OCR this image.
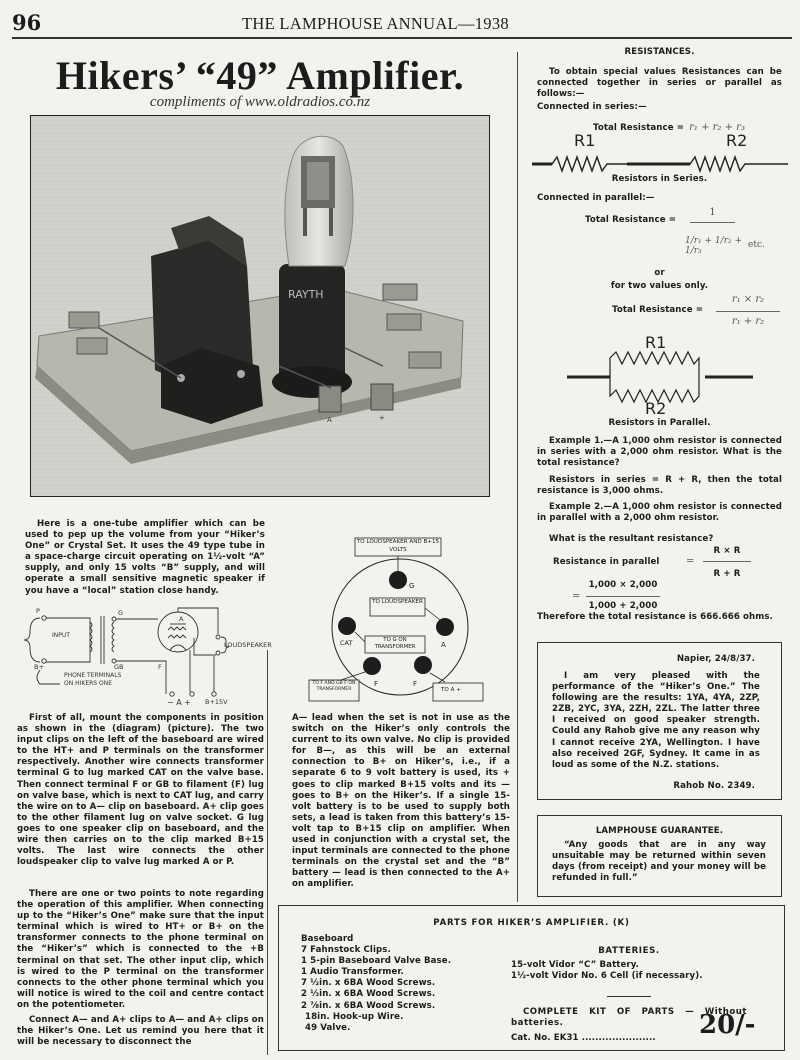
96	THE LAMPHOUSE ANNUAL—1938
Hikers’ “49” Amplifier.
compliments of www.oldradios.co.nz
RAYTH
A	+

Here is a one-tube amplifier which can be used to pep up the volume from your “Hiker’s One” or Crystal Set. It uses the 49 type tube in a space-charge circuit operating on 1½-volt “A” supply, and only 15 volts “B” supply, and will operate a small sensitive magnetic speaker if you have a “local” station close handy.

P
B+
INPUT
PHONE TERMINALS
ON HIKERS ONE
G
GB	F
A
LOUDSPEAKER
− A + B+15V

First of all, mount the components in position as shown in the (diagram) (picture). The two input clips on the left of the baseboard are wired to the HT+ and P terminals on the transformer respectively. Another wire connects transformer terminal G to lug marked CAT on the valve base. Then connect terminal F or GB to filament (F) lug on valve base, which is next to CAT lug, and carry the wire on to A— clip on baseboard. A+ clip goes to the other filament lug on valve socket. G lug goes to one speaker clip on baseboard, and the wire then carries on to the clip marked B+15 volts. The last wire connects the other loudspeaker clip to valve lug marked A or P.

There are one or two points to note regarding the operation of this amplifier. When connecting up to the “Hiker’s One” make sure that the input terminal which is wired to HT+ or B+ on the transformer connects to the phone terminal on the “Hiker’s” which is connected to the +B terminal on that set. The other input clip, which is wired to the P terminal on the transformer connects to the other phone terminal which you will notice is wired to the coil and centre contact on the potentiometer.

Connect A— and A+ clips to A— and A+ clips on the Hiker’s One. Let us remind you here that it will be necessary to disconnect the

TO LOUDSPEAKER AND B+15 VOLTS
G
TO LOUDSPEAKER
A
CAT	TO G ON TRANSFORMER
F	F
TO F AND GB F ON TRANSFORMER	TO A +

A— lead when the set is not in use as the switch on the Hiker’s only controls the current to its own valve. No clip is provided for B—, as this will be an external connection to B+ on Hiker’s, i.e., if a separate 6 to 9 volt battery is used, its + goes to clip marked B+15 volts and its — goes to B+ on the Hiker’s. If a single 15-volt battery is to be used to supply both sets, a lead is taken from this battery’s 15-volt tap to B+15 clip on amplifier. When used in conjunction with a crystal set, the input terminals are connected to the phone terminals on the crystal set and the “B” battery — lead is then connected to the A+ on amplifier.

RESISTANCES.

To obtain special values Resistances can be connected together in series or parallel as follows:—

Connected in series:—
Total Resistance = r₁ + r₂ + r₃
R1	R2
Resistors in Series.
Connected in parallel:—
Total Resistance =
1
1/r₁ + 1/r₂ + 1/r₃
etc.
or
for two values only.
Total Resistance =
r₁ × r₂
r₁ + r₂
R1
R2
Resistors in Parallel.

Example 1.—A 1,000 ohm resistor is connected in series with a 2,000 ohm resistor. What is the total resistance?

Resistors in series = R + R, then the total resistance is 3,000 ohms.

Example 2.—A 1,000 ohm resistor is connected in parallel with a 2,000 ohm resistor.

What is the resultant resistance?

Resistance in parallel	=
R × R
R + R
=
1,000 × 2,000
1,000 + 2,000

Therefore the total resistance is 666.666 ohms.

Napier, 24/8/37.

I am very pleased with the performance of the “Hiker’s One.” The following are the results: 1YA, 4YA, 2ZP, 2ZB, 2YC, 3YA, 2ZH, 2ZL. The latter three I received on good speaker strength. Could any Rahob give me any reason why I cannot receive 2YA, Wellington. I have also received 2GF, Sydney. It came in as loud as some of the N.Z. stations.

Rahob No. 2349.
LAMPHOUSE GUARANTEE.

“Any goods that are in any way unsuitable may be returned within seven days (from receipt) and your money will be refunded in full.”

PARTS FOR HIKER’S AMPLIFIER. (K)
Baseboard
7 Fahnstock Clips.
1 5-pin Baseboard Valve Base.
1 Audio Transformer.
7 ½in. x 6BA Wood Screws.
2 ⅓in. x 6BA Wood Screws.
2 ⅞in. x 6BA Wood Screws.
18in. Hook-up Wire.
49 Valve.
BATTERIES.
15-volt Vidor “C” Battery.
1½-volt Vidor No. 6 Cell (if necessary).

COMPLETE KIT OF PARTS — Without batteries.

Cat. No. EK31 ...................... 20/-
